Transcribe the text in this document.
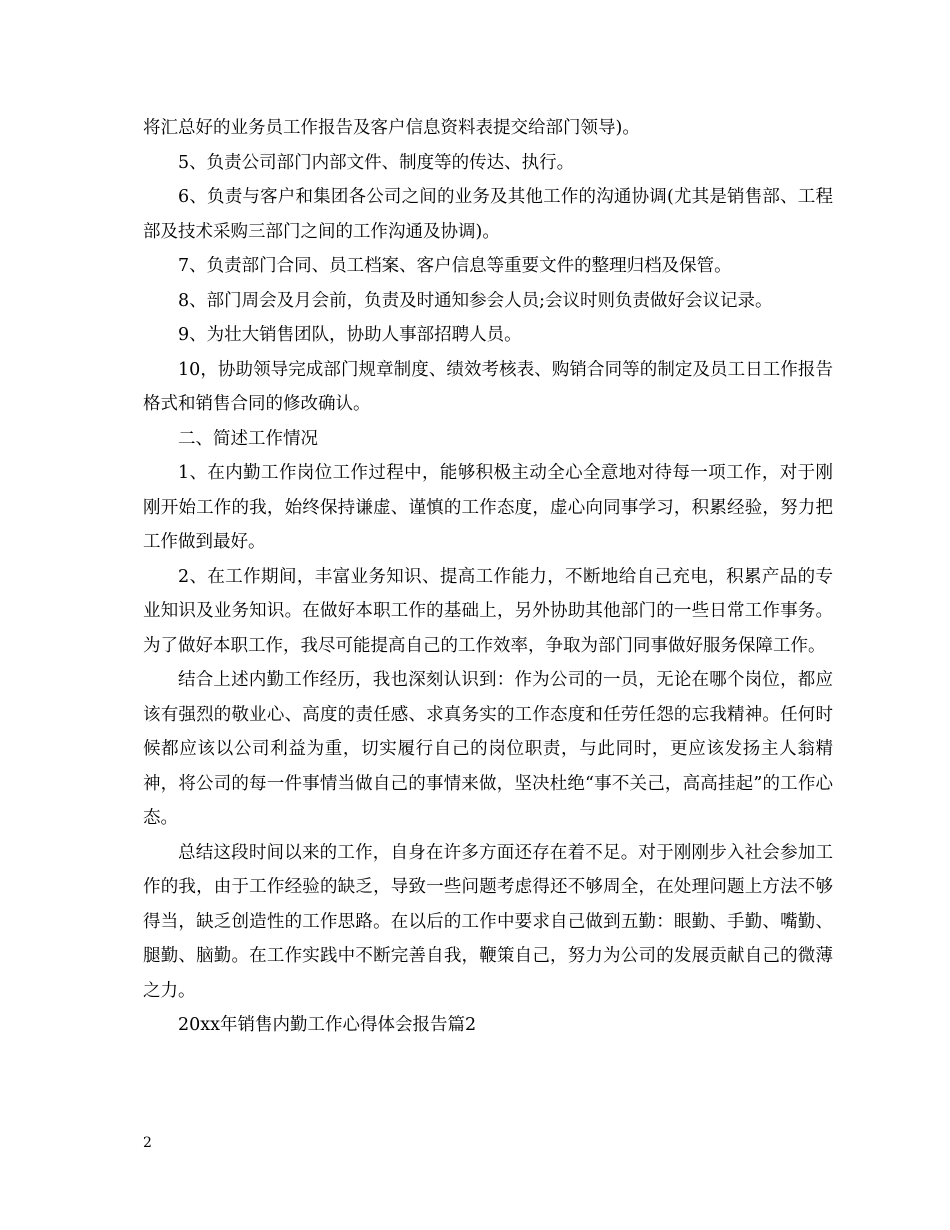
将汇总好的业务员工作报告及客户信息资料表提交给部门领导)。

5、负责公司部门内部文件、制度等的传达、执行。

6、负责与客户和集团各公司之间的业务及其他工作的沟通协调(尤其是销售部、工程部及技术采购三部门之间的工作沟通及协调)。

7、负责部门合同、员工档案、客户信息等重要文件的整理归档及保管。

8、部门周会及月会前，负责及时通知参会人员;会议时则负责做好会议记录。

9、为壮大销售团队，协助人事部招聘人员。

10，协助领导完成部门规章制度、绩效考核表、购销合同等的制定及员工日工作报告格式和销售合同的修改确认。

二、简述工作情况

1、在内勤工作岗位工作过程中，能够积极主动全心全意地对待每一项工作，对于刚刚开始工作的我，始终保持谦虚、谨慎的工作态度，虚心向同事学习，积累经验，努力把工作做到最好。

2、在工作期间，丰富业务知识、提高工作能力，不断地给自己充电，积累产品的专业知识及业务知识。在做好本职工作的基础上，另外协助其他部门的一些日常工作事务。为了做好本职工作，我尽可能提高自己的工作效率，争取为部门同事做好服务保障工作。

结合上述内勤工作经历，我也深刻认识到：作为公司的一员，无论在哪个岗位，都应该有强烈的敬业心、高度的责任感、求真务实的工作态度和任劳任怨的忘我精神。任何时候都应该以公司利益为重，切实履行自己的岗位职责，与此同时，更应该发扬主人翁精神，将公司的每一件事情当做自己的事情来做，坚决杜绝“事不关己，高高挂起”的工作心态。

总结这段时间以来的工作，自身在许多方面还存在着不足。对于刚刚步入社会参加工作的我，由于工作经验的缺乏，导致一些问题考虑得还不够周全，在处理问题上方法不够得当，缺乏创造性的工作思路。在以后的工作中要求自己做到五勤：眼勤、手勤、嘴勤、腿勤、脑勤。在工作实践中不断完善自我，鞭策自己，努力为公司的发展贡献自己的微薄之力。

20xx年销售内勤工作心得体会报告篇2

2
